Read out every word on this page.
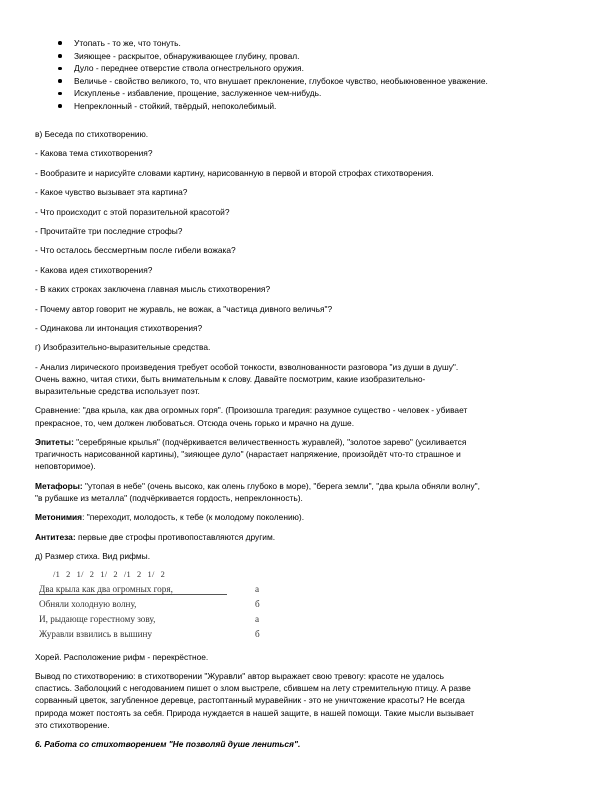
Утопать - то же, что тонуть.
Зияющее - раскрытое, обнаруживающее глубину, провал.
Дуло - переднее отверстие ствола огнестрельного оружия.
Величье - свойство великого, то, что внушает преклонение, глубокое чувство, необыкновенное уважение.
Искупленье - избавление, прощение, заслуженное чем-нибудь.
Непреклонный - стойкий, твёрдый, непоколебимый.

в) Беседа по стихотворению.

- Какова тема стихотворения?

- Вообразите и нарисуйте словами картину, нарисованную в первой и второй строфах стихотворения.

- Какое чувство вызывает эта картина?

- Что происходит с этой поразительной красотой?

- Прочитайте три последние строфы?

- Что осталось бессмертным после гибели вожака?

- Какова идея стихотворения?

- В каких строках заключена главная мысль стихотворения?

- Почему автор говорит не журавль, не вожак, а "частица дивного величья"?

- Одинакова ли интонация стихотворения?

г) Изобразительно-выразительные средства.

- Анализ лирического произведения требует особой тонкости, взволнованности разговора "из души в душу".
Очень важно, читая стихи, быть внимательным к слову. Давайте посмотрим, какие изобразительно-
выразительные средства использует поэт.

Сравнение: "два крыла, как два огромных горя". (Произошла трагедия: разумное существо - человек - убивает
прекрасное, то, чем должен любоваться. Отсюда очень горько и мрачно на душе.

Эпитеты: "серебряные крылья" (подчёркивается величественность журавлей), "золотое зарево" (усиливается
трагичность нарисованной картины), "зияющее дуло" (нарастает напряжение, произойдёт что-то страшное и
неповторимое).

Метафоры: "утопая в небе" (очень высоко, как олень глубоко в море), "берега земли", "два крыла обняли волну",
"в рубашке из металла" (подчёркивается гордость, непреклонность).

Метонимия: "переходит, молодость, к тебе (к молодому поколению).

Антитеза: первые две строфы противопоставляются другим.

д) Размер стиха. Вид рифмы.

/1 2 1/ 2 1/ 2 /1 2 1/ 2
Два крыла как два огромных горя,	а
Обняли холодную волну,	б
И, рыдающе горестному зову,	а
Журавли взвились в вышину	б

Хорей. Расположение рифм - перекрёстное.

Вывод по стихотворению: в стихотворении "Журавли" автор выражает свою тревогу: красоте не удалось
спастись. Заболоцкий с негодованием пишет о злом выстреле, сбившем на лету стремительную птицу. А разве
сорванный цветок, загубленное деревце, растоптанный муравейник - это не уничтожение красоты? Не всегда
природа может постоять за себя. Природа нуждается в нашей защите, в нашей помощи. Такие мысли вызывает
это стихотворение.

6. Работа со стихотворением "Не позволяй душе лениться".
